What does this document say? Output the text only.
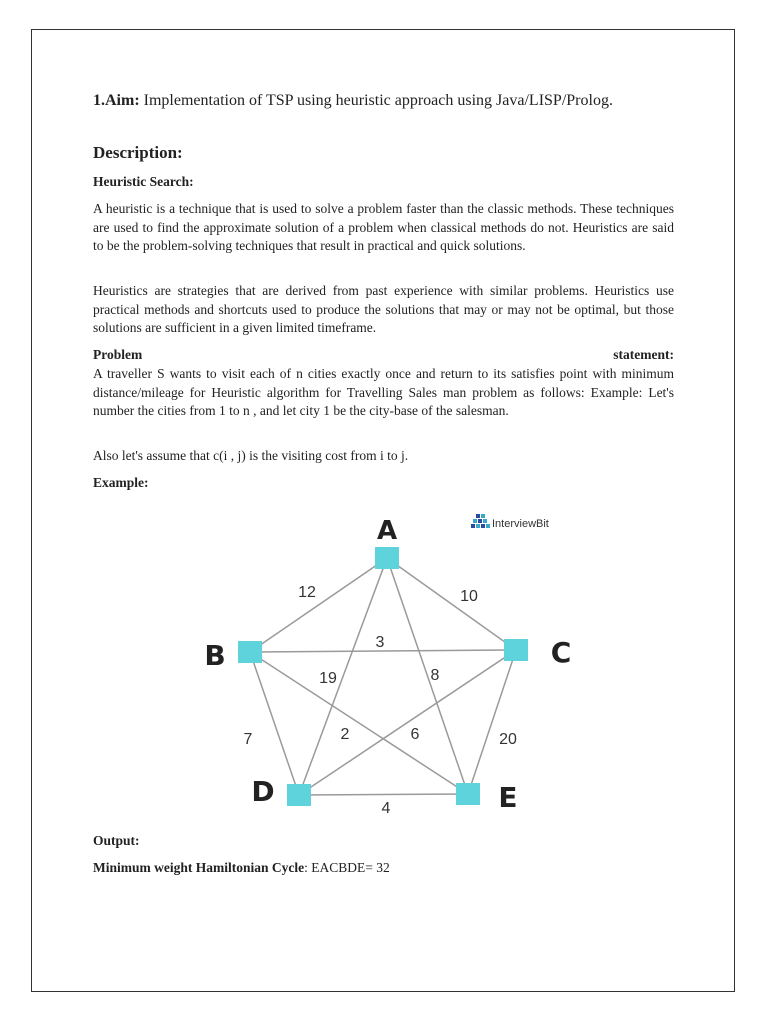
1.Aim: Implementation of TSP using heuristic approach using Java/LISP/Prolog.
Description:
Heuristic Search:
A heuristic is a technique that is used to solve a problem faster than the classic methods. These techniques are used to find the approximate solution of a problem when classical methods do not. Heuristics are said to be the problem-solving techniques that result in practical and quick solutions.
Heuristics are strategies that are derived from past experience with similar problems. Heuristics use practical methods and shortcuts used to produce the solutions that may or may not be optimal, but those solutions are sufficient in a given limited timeframe.
Problem	statement:
A traveller S wants to visit each of n cities exactly once and return to its satisfies point with minimum distance/mileage for Heuristic algorithm for Travelling Sales man problem as follows: Example: Let's number the cities from 1 to n , and let city 1 be the city-base of the salesman.
Also let's assume that c(i , j) is the visiting cost from i to j.
Example:
12	10
3
19	8
7	2	6	20
4
A
B	C
D	E
InterviewBit
Output:
Minimum weight Hamiltonian Cycle: EACBDE= 32
